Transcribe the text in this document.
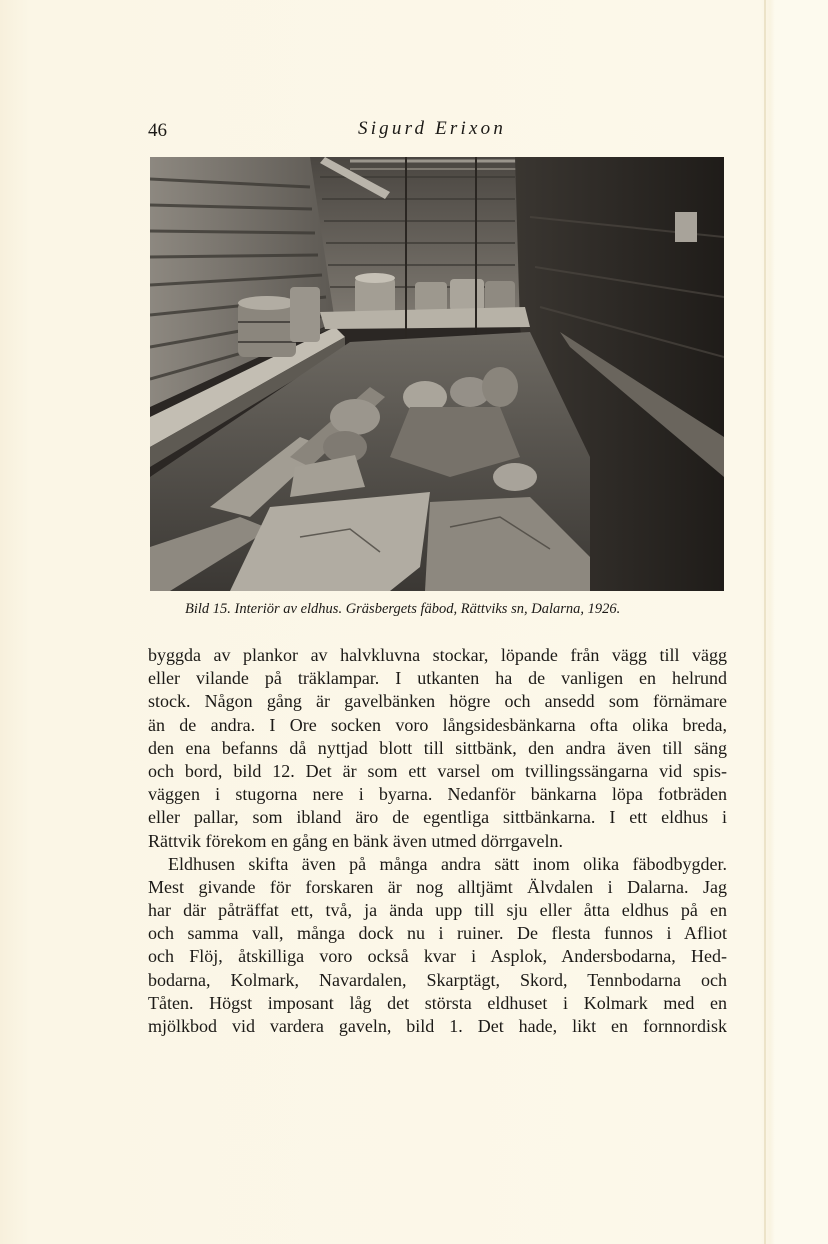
46	Sigurd Erixon
Bild 15. Interiör av eldhus. Gräsbergets fäbod, Rättviks sn, Dalarna, 1926.
byggda av plankor av halvkluvna stockar, löpande från vägg till vägg
eller vilande på träklampar. I utkanten ha de vanligen en helrund
stock. Någon gång är gavelbänken högre och ansedd som förnämare
än de andra. I Ore socken voro långsidesbänkarna ofta olika breda,
den ena befanns då nyttjad blott till sittbänk, den andra även till säng
och bord, bild 12. Det är som ett varsel om tvillingssängarna vid spis-
väggen i stugorna nere i byarna. Nedanför bänkarna löpa fotbräden
eller pallar, som ibland äro de egentliga sittbänkarna. I ett eldhus i
Rättvik förekom en gång en bänk även utmed dörrgaveln.
Eldhusen skifta även på många andra sätt inom olika fäbodbygder.
Mest givande för forskaren är nog alltjämt Älvdalen i Dalarna. Jag
har där påträffat ett, två, ja ända upp till sju eller åtta eldhus på en
och samma vall, många dock nu i ruiner. De flesta funnos i Afliot
och Flöj, åtskilliga voro också kvar i Asplok, Andersbodarna, Hed-
bodarna, Kolmark, Navardalen, Skarptägt, Skord, Tennbodarna och
Tåten. Högst imposant låg det största eldhuset i Kolmark med en
mjölkbod vid vardera gaveln, bild 1. Det hade, likt en fornnordisk
